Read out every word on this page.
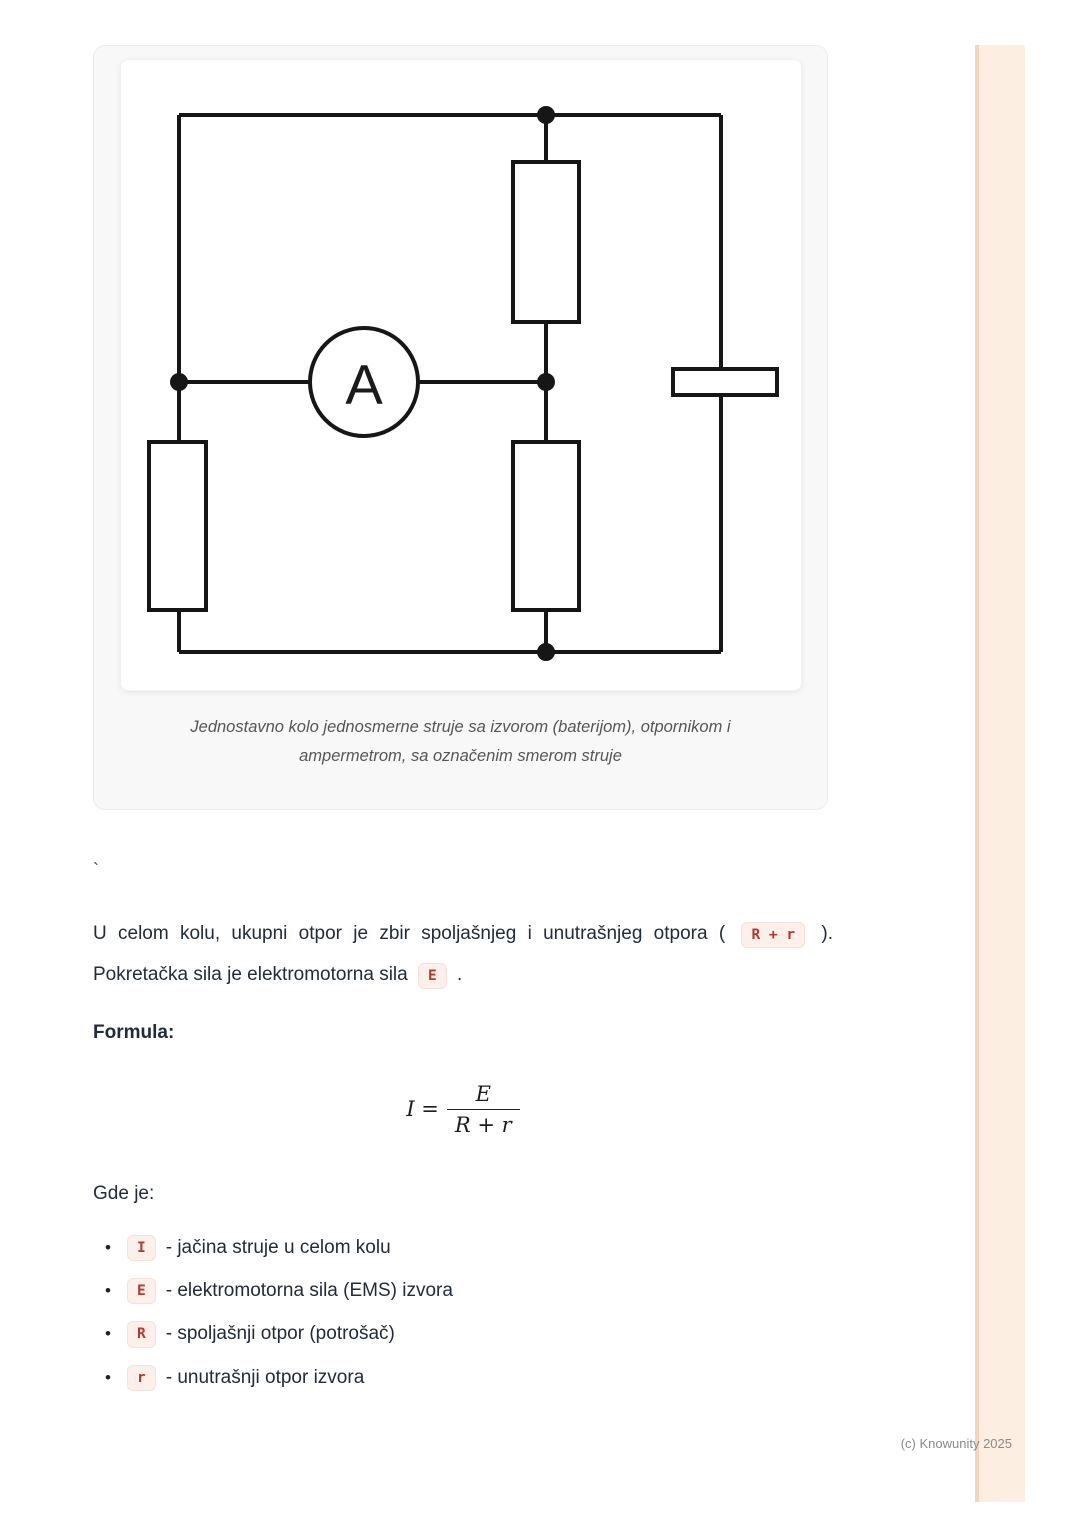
(c) Knowunity 2025
A
Jednostavno kolo jednosmerne struje sa izvorom (baterijom), otpornikom i
ampermetrom, sa označenim smerom struje
`

U celom kolu, ukupni otpor je zbir spoljašnjeg i unutrašnjeg otpora ( R + r ).
Pokretačka sila je elektromotorna sila E .

Formula:

$I = \frac{E}{R + r}$

Gde je:

•	I	- jačina struje u celom kolu
•	E	- elektromotorna sila (EMS) izvora
•	R	- spoljašnji otpor (potrošač)
•	r	- unutrašnji otpor izvora
